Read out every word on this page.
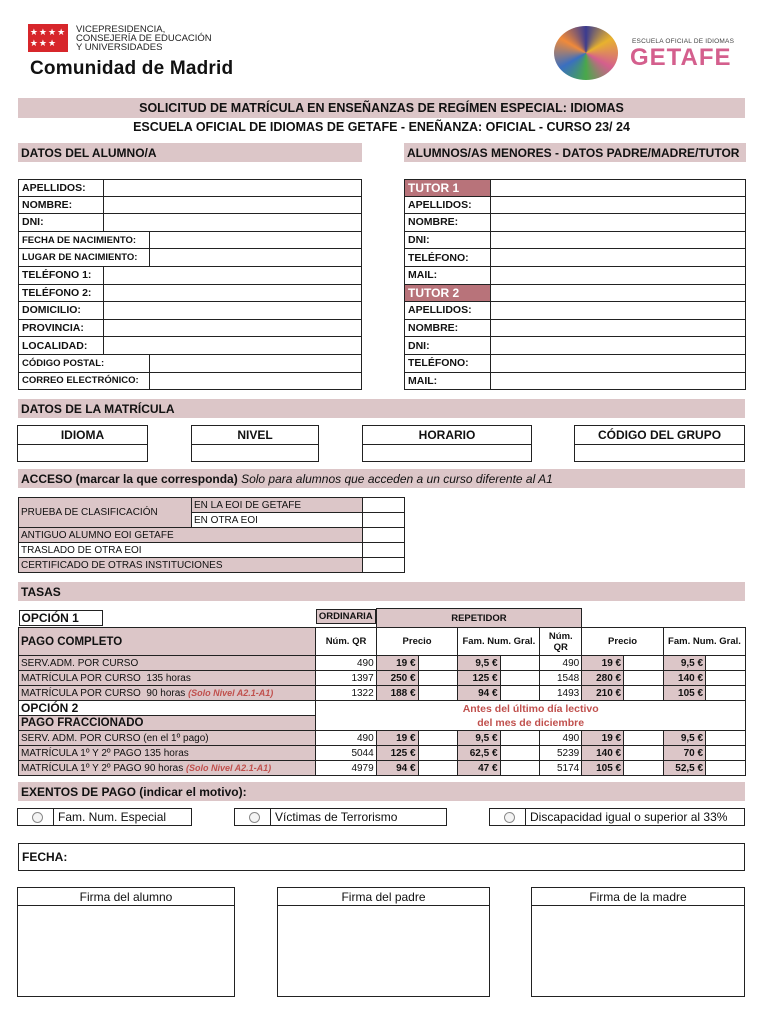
★★★★
★★★
VICEPRESIDENCIA,
CONSEJERÍA DE EDUCACIÓN
Y UNIVERSIDADES
Comunidad de Madrid
ESCUELA OFICIAL DE IDIOMAS
GETAFE
SOLICITUD DE MATRÍCULA EN ENSEÑANZAS DE REGÍMEN ESPECIAL: IDIOMAS
ESCUELA OFICIAL DE IDIOMAS DE GETAFE - ENEÑANZA: OFICIAL - CURSO 23/ 24
DATOS DEL ALUMNO/A
APELLIDOS:
NOMBRE:
DNI:
FECHA DE NACIMIENTO:
LUGAR DE NACIMIENTO:
TELÉFONO 1:
TELÉFONO 2:
DOMICILIO:
PROVINCIA:
LOCALIDAD:
CÓDIGO POSTAL:
CORREO ELECTRÓNICO:
ALUMNOS/AS MENORES - DATOS PADRE/MADRE/TUTOR
TUTOR 1
APELLIDOS:
NOMBRE:
DNI:
TELÉFONO:
MAIL:
TUTOR 2
APELLIDOS:
NOMBRE:
DNI:
TELÉFONO:
MAIL:
DATOS DE LA MATRÍCULA
IDIOMA	NIVEL	HORARIO	CÓDIGO DEL GRUPO
ACCESO (marcar la que corresponda) Solo para alumnos que acceden a un curso diferente al A1
PRUEBA DE CLASIFICACIÓN	EN LA EOI DE GETAFE	
	EN OTRA EOI	
ANTIGUO ALUMNO EOI GETAFE		
TRASLADO DE OTRA EOI		
CERTIFICADO DE OTRAS INSTITUCIONES		
TASAS
OPCIÓN 1		ORDINARIA	REPETIDOR								
PAGO COMPLETO	Núm. QR	Precio		Fam. Num. Gral.		Núm. QR	Precio		Fam. Num. Gral.	
SERV.ADM. POR CURSO	490	19 €		9,5 €		490	19 €		9,5 €	
MATRÍCULA POR CURSO  135 horas	1397	250 €		125 €		1548	280 €		140 €	
MATRÍCULA POR CURSO  90 horas (Solo Nivel A2.1-A1)	1322	188 €		94 €		1493	210 €		105 €	

OPCIÓN 2	Antes del último día lectivo
del mes de diciembre									

PAGO FRACCIONADO										
SERV. ADM. POR CURSO (en el 1º pago)	490	19 €		9,5 €		490	19 €		9,5 €	
MATRÍCULA 1º Y 2º PAGO 135 horas	5044	125 €		62,5 €		5239	140 €		70 €	
MATRÍCULA 1º Y 2º PAGO 90 horas (Solo Nivel A2.1-A1)	4979	94 €		47 €		5174	105 €		52,5 €	
EXENTOS DE PAGO (indicar el motivo):
Fam. Num. Especial	Víctimas de Terrorismo	Discapacidad igual o superior al 33%
FECHA:
Firma del alumno	Firma del padre	Firma de la madre
